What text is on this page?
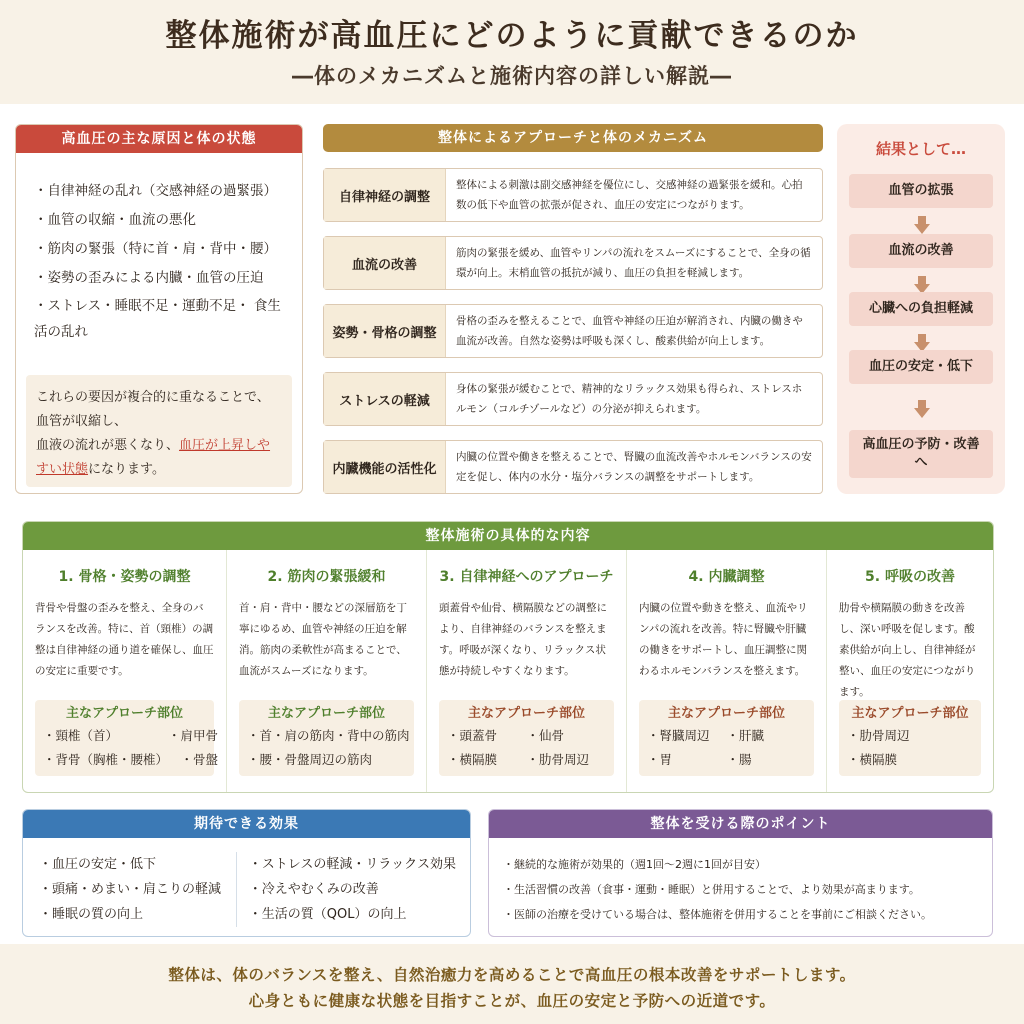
整体施術が高血圧にどのように貢献できるのか
―体のメカニズムと施術内容の詳しい解説―
高血圧の主な原因と体の状態
・自律神経の乱れ（交感神経の過緊張）
・血管の収縮・血流の悪化
・筋肉の緊張（特に首・肩・背中・腰）
・姿勢の歪みによる内臓・血管の圧迫
・ストレス・睡眠不足・運動不足・ 食生活の乱れ
これらの要因が複合的に重なることで、
血管が収縮し、
血液の流れが悪くなり、血圧が上昇しやすい状態になります。
整体によるアプローチと体のメカニズム
自律神経の調整
整体による刺激は副交感神経を優位にし、交感神経の過緊張を緩和。心拍数の低下や血管の拡張が促され、血圧の安定につながります。
血流の改善
筋肉の緊張を緩め、血管やリンパの流れをスムーズにすることで、全身の循環が向上。末梢血管の抵抗が減り、血圧の負担を軽減します。
姿勢・骨格の調整
骨格の歪みを整えることで、血管や神経の圧迫が解消され、内臓の働きや血流が改善。自然な姿勢は呼吸も深くし、酸素供給が向上します。
ストレスの軽減
身体の緊張が緩むことで、精神的なリラックス効果も得られ、ストレスホルモン（コルチゾールなど）の分泌が抑えられます。
内臓機能の活性化
内臓の位置や働きを整えることで、腎臓の血流改善やホルモンバランスの安定を促し、体内の水分・塩分バランスの調整をサポートします。
結果として…
血管の拡張
血流の改善
心臓への負担軽減
血圧の安定・低下
高血圧の予防・改善へ
整体施術の具体的な内容
1. 骨格・姿勢の調整
背骨や骨盤の歪みを整え、全身のバランスを改善。特に、首（頸椎）の調整は自律神経の通り道を確保し、血圧の安定に重要です。
主なアプローチ部位
・頸椎（首）	・肩甲骨
・背骨（胸椎・腰椎）	・骨盤
2. 筋肉の緊張緩和
首・肩・背中・腰などの深層筋を丁寧にゆるめ、血管や神経の圧迫を解消。筋肉の柔軟性が高まることで、血流がスムーズになります。
主なアプローチ部位
・首・肩の筋肉 ・背中の筋肉
・腰・骨盤周辺の筋肉
3. 自律神経へのアプローチ
頭蓋骨や仙骨、横隔膜などの調整により、自律神経のバランスを整えます。呼吸が深くなり、リラックス状態が持続しやすくなります。
主なアプローチ部位
・頭蓋骨	・仙骨
・横隔膜	・肋骨周辺
4. 内臓調整
内臓の位置や動きを整え、血流やリンパの流れを改善。特に腎臓や肝臓の働きをサポートし、血圧調整に関わるホルモンバランスを整えます。
主なアプローチ部位
・腎臓周辺	・肝臓
・胃	・腸
5. 呼吸の改善
肋骨や横隔膜の動きを改善し、深い呼吸を促します。酸素供給が向上し、自律神経が整い、血圧の安定につながります。
主なアプローチ部位
・肋骨周辺
・横隔膜
期待できる効果
・血圧の安定・低下
・頭痛・めまい・肩こりの軽減
・睡眠の質の向上
・ストレスの軽減・リラックス効果
・冷えやむくみの改善
・生活の質（QOL）の向上
整体を受ける際のポイント
・継続的な施術が効果的（週1回〜2週に1回が目安）
・生活習慣の改善（食事・運動・睡眠）と併用することで、より効果が高まります。
・医師の治療を受けている場合は、整体施術を併用することを事前にご相談ください。

整体は、体のバランスを整え、自然治癒力を高めることで高血圧の根本改善をサポートします。

心身ともに健康な状態を目指すことが、血圧の安定と予防への近道です。
